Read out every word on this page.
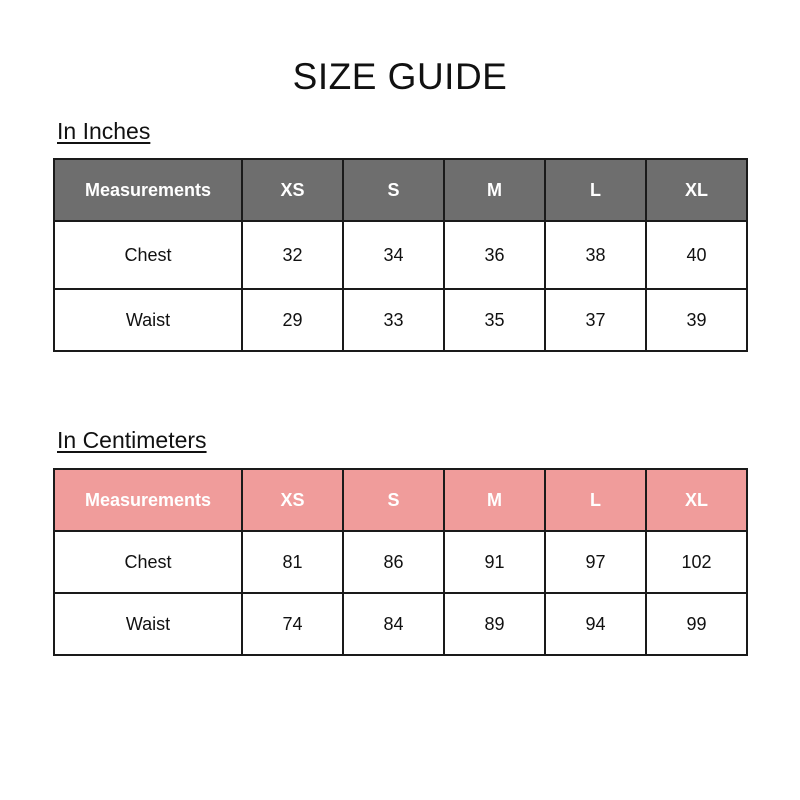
SIZE GUIDE
In Inches
Measurements	XS	S	M	L	XL
Chest	32	34	36	38	40
Waist	29	33	35	37	39
In Centimeters
Measurements	XS	S	M	L	XL
Chest	81	86	91	97	102
Waist	74	84	89	94	99
